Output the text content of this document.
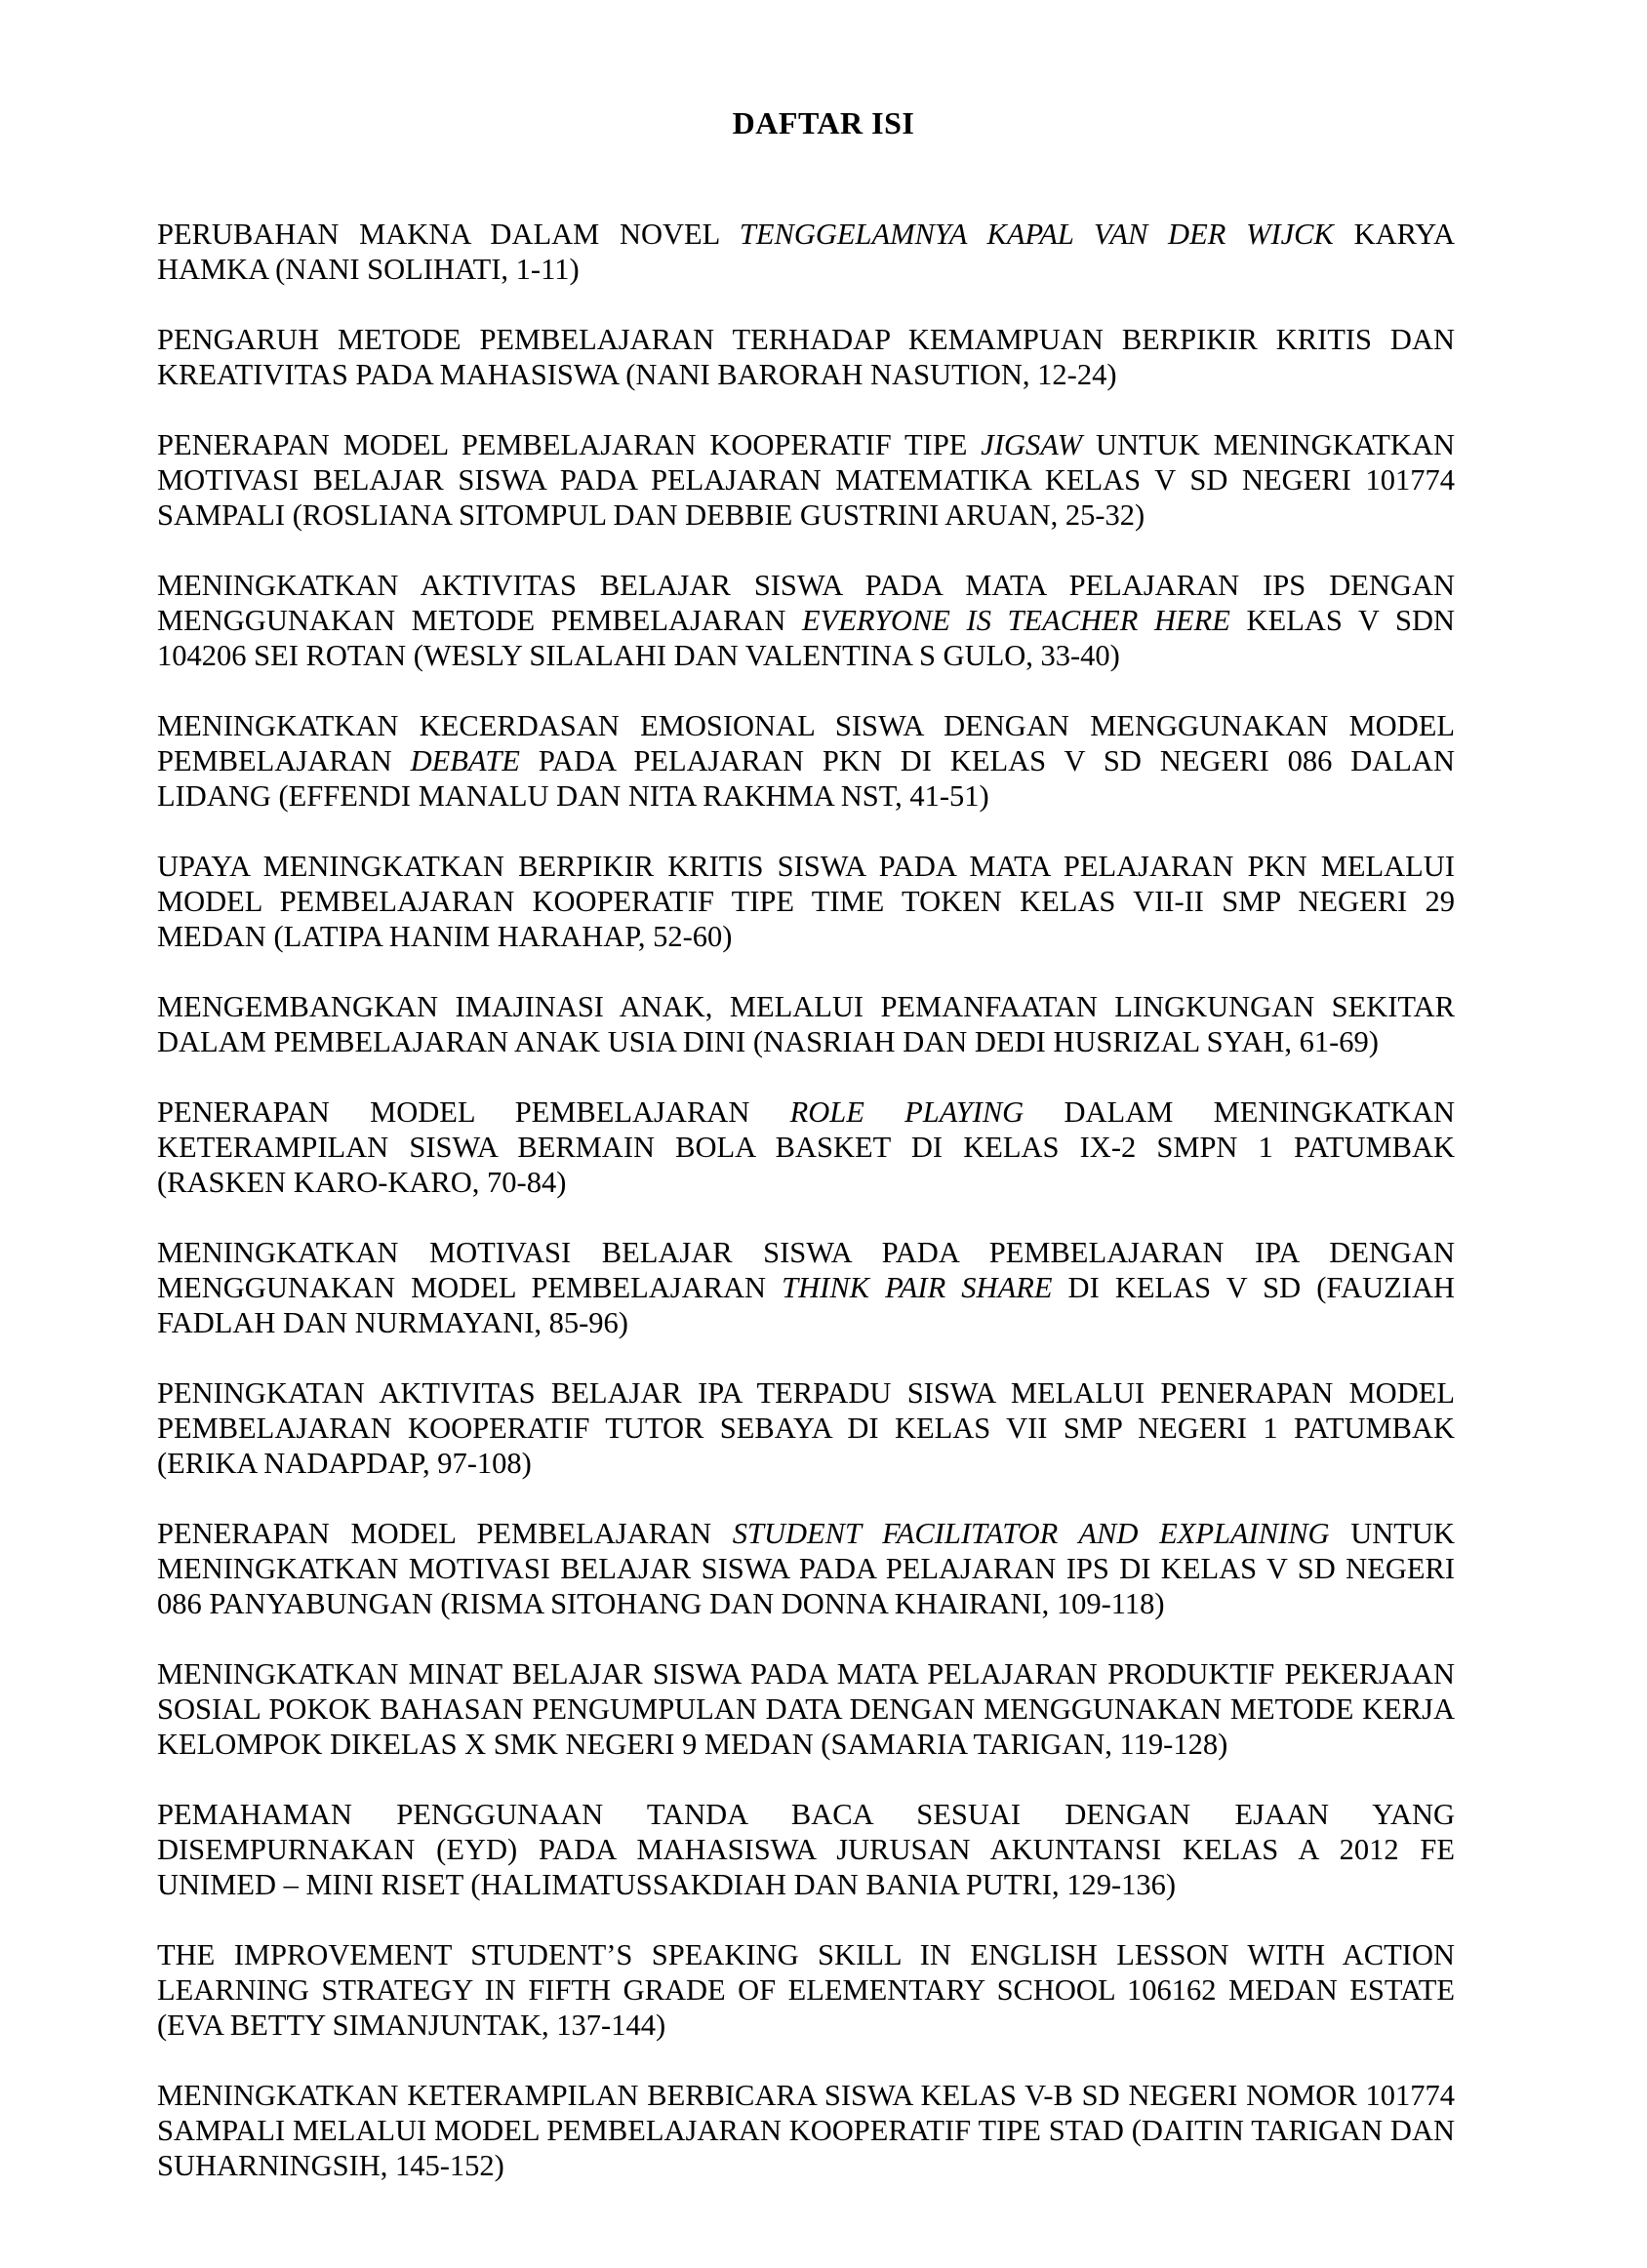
DAFTAR ISI
PERUBAHAN MAKNA DALAM NOVEL TENGGELAMNYA KAPAL VAN DER WIJCK KARYA HAMKA (NANI SOLIHATI, 1-11)
PENGARUH METODE PEMBELAJARAN TERHADAP KEMAMPUAN BERPIKIR KRITIS DAN KREATIVITAS PADA MAHASISWA (NANI BARORAH NASUTION, 12-24)
PENERAPAN MODEL PEMBELAJARAN KOOPERATIF TIPE JIGSAW UNTUK MENINGKATKAN MOTIVASI BELAJAR SISWA PADA PELAJARAN MATEMATIKA KELAS V SD NEGERI 101774 SAMPALI (ROSLIANA SITOMPUL DAN DEBBIE GUSTRINI ARUAN, 25-32)
MENINGKATKAN AKTIVITAS BELAJAR SISWA PADA MATA PELAJARAN IPS DENGAN MENGGUNAKAN METODE PEMBELAJARAN EVERYONE IS TEACHER HERE KELAS V SDN 104206 SEI ROTAN (WESLY SILALAHI DAN VALENTINA S GULO, 33-40)
MENINGKATKAN KECERDASAN EMOSIONAL SISWA DENGAN MENGGUNAKAN MODEL PEMBELAJARAN DEBATE PADA PELAJARAN PKN DI KELAS V SD NEGERI 086 DALAN LIDANG (EFFENDI MANALU DAN NITA RAKHMA NST, 41-51)
UPAYA MENINGKATKAN BERPIKIR KRITIS SISWA PADA MATA PELAJARAN PKN MELALUI MODEL PEMBELAJARAN KOOPERATIF TIPE TIME TOKEN KELAS VII-II SMP NEGERI 29 MEDAN (LATIPA HANIM HARAHAP, 52-60)
MENGEMBANGKAN IMAJINASI ANAK, MELALUI PEMANFAATAN LINGKUNGAN SEKITAR DALAM PEMBELAJARAN ANAK USIA DINI (NASRIAH DAN DEDI HUSRIZAL SYAH, 61-69)
PENERAPAN MODEL PEMBELAJARAN ROLE PLAYING DALAM MENINGKATKAN KETERAMPILAN SISWA BERMAIN BOLA BASKET DI KELAS IX-2 SMPN 1 PATUMBAK (RASKEN KARO-KARO, 70-84)
MENINGKATKAN MOTIVASI BELAJAR SISWA PADA PEMBELAJARAN IPA DENGAN MENGGUNAKAN MODEL PEMBELAJARAN THINK PAIR SHARE DI KELAS V SD (FAUZIAH FADLAH DAN NURMAYANI, 85-96)
PENINGKATAN AKTIVITAS BELAJAR IPA TERPADU SISWA MELALUI PENERAPAN MODEL PEMBELAJARAN KOOPERATIF TUTOR SEBAYA DI KELAS VII SMP NEGERI 1 PATUMBAK (ERIKA NADAPDAP, 97-108)
PENERAPAN MODEL PEMBELAJARAN STUDENT FACILITATOR AND EXPLAINING UNTUK MENINGKATKAN MOTIVASI BELAJAR SISWA PADA PELAJARAN IPS DI KELAS V SD NEGERI 086 PANYABUNGAN (RISMA SITOHANG DAN DONNA KHAIRANI, 109-118)
MENINGKATKAN MINAT BELAJAR SISWA PADA MATA PELAJARAN PRODUKTIF PEKERJAAN SOSIAL POKOK BAHASAN PENGUMPULAN DATA DENGAN MENGGUNAKAN METODE KERJA KELOMPOK DIKELAS X SMK NEGERI 9 MEDAN (SAMARIA TARIGAN, 119-128)
PEMAHAMAN PENGGUNAAN TANDA BACA SESUAI DENGAN EJAAN YANG DISEMPURNAKAN (EYD) PADA MAHASISWA JURUSAN AKUNTANSI KELAS A 2012 FE UNIMED – MINI RISET (HALIMATUSSAKDIAH DAN BANIA PUTRI, 129-136)
THE IMPROVEMENT STUDENT’S SPEAKING SKILL IN ENGLISH LESSON WITH ACTION LEARNING STRATEGY IN FIFTH GRADE OF ELEMENTARY SCHOOL 106162 MEDAN ESTATE (EVA BETTY SIMANJUNTAK, 137-144)
MENINGKATKAN KETERAMPILAN BERBICARA SISWA KELAS V-B SD NEGERI NOMOR 101774 SAMPALI MELALUI MODEL PEMBELAJARAN KOOPERATIF TIPE STAD (DAITIN TARIGAN DAN SUHARNINGSIH, 145-152)
